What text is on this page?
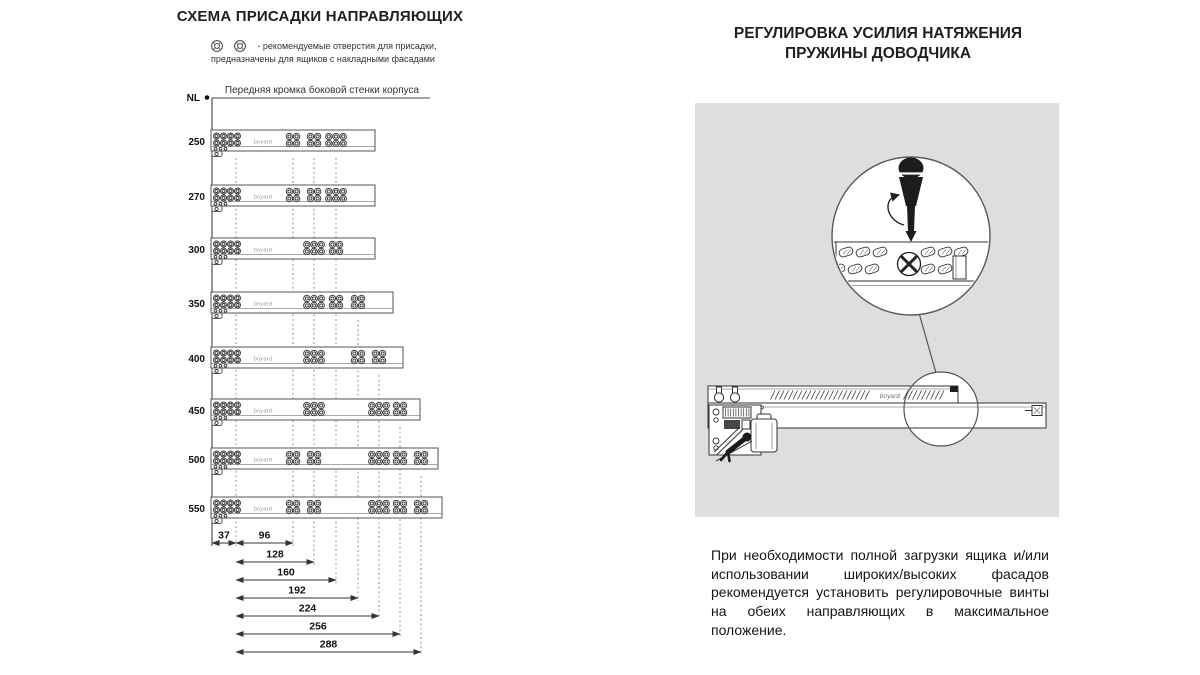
СХЕМА ПРИСАДКИ НАПРАВЛЯЮЩИХ
- рекомендуемые отверстия для присадки,
предназначены для ящиков с накладными фасадами
РЕГУЛИРОВКА УСИЛИЯ НАТЯЖЕНИЯ
ПРУЖИНЫ ДОВОДЧИКА

При необходимости полной загрузки ящика и/или использовании широких/высоких фасадов рекомендуется установить регулировочные винты на обеих направляющих в максимальное положение.

NL
Передняя кромка боковой стенки корпуса
boyard
250
boyard
270
boyard
300
boyard
350
boyard
400
boyard
450
boyard
500
boyard
550
37	96
128
160
192
224
256
288
boyard
